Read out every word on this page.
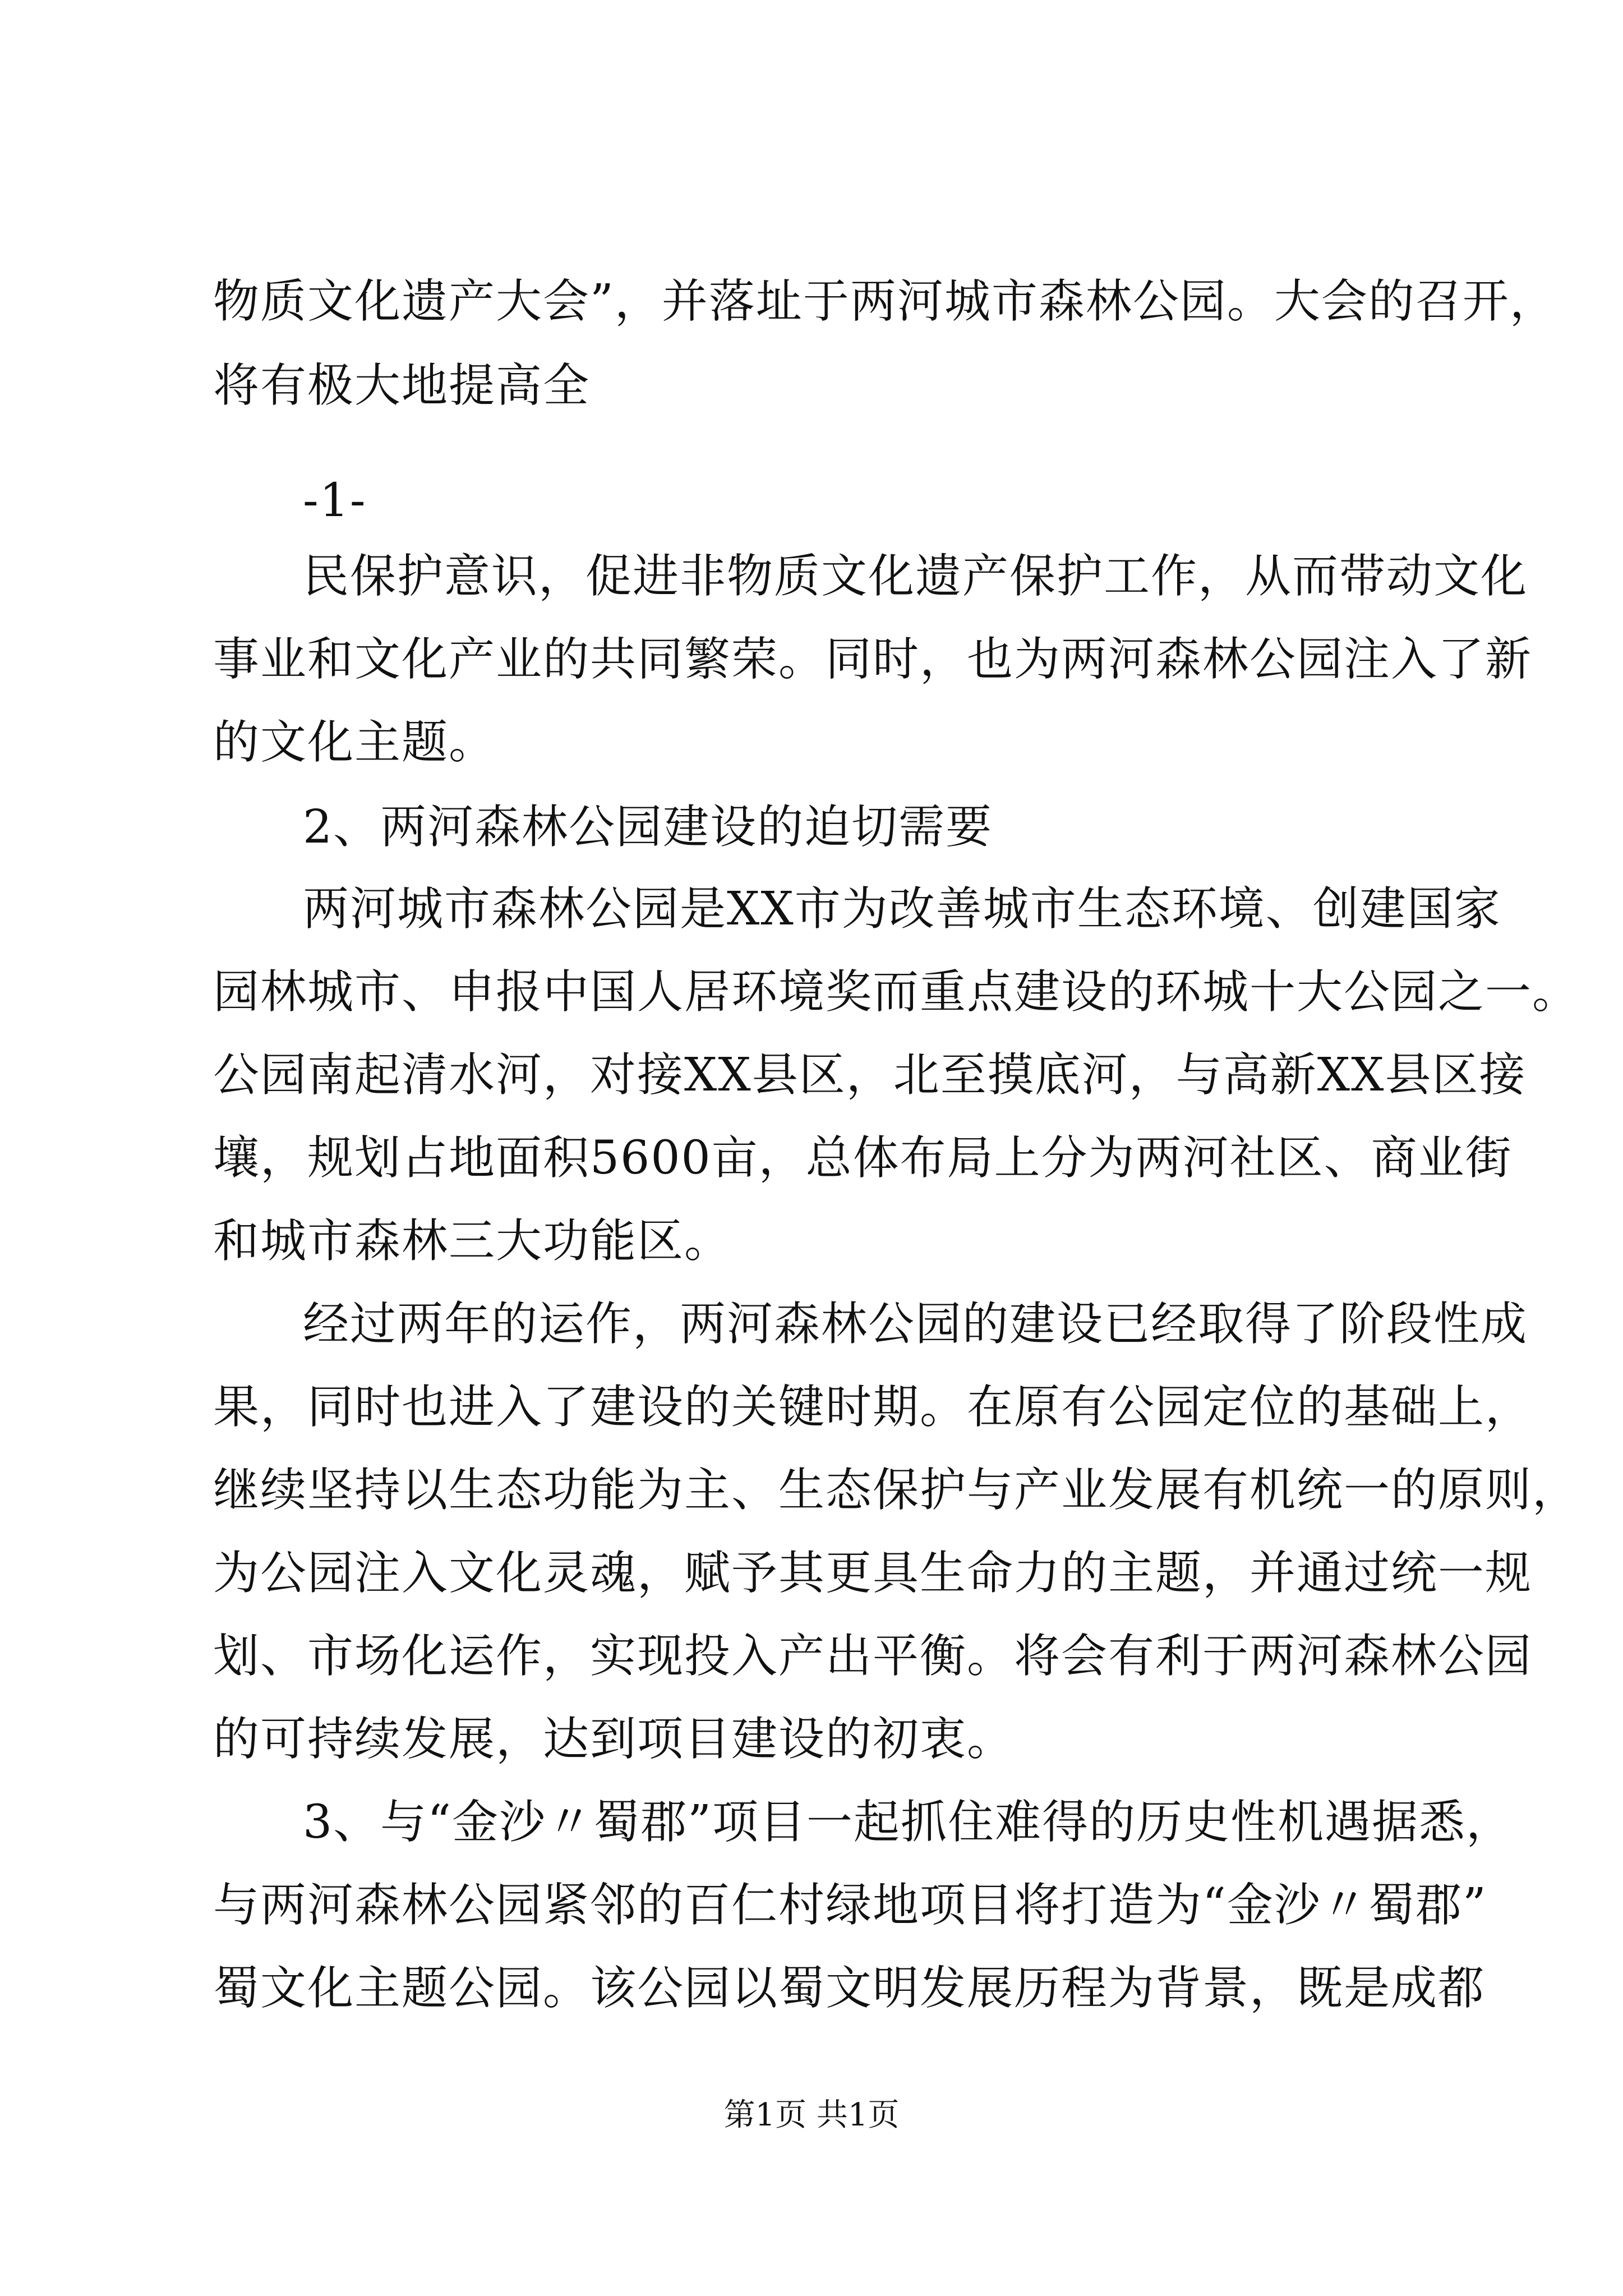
物质文化遗产大会”，并落址于两河城市森林公园。大会的召开，
将有极大地提高全
-1-
民保护意识，促进非物质文化遗产保护工作，从而带动文化
事业和文化产业的共同繁荣。同时，也为两河森林公园注入了新
的文化主题。
2、两河森林公园建设的迫切需要
两河城市森林公园是XX市为改善城市生态环境、创建国家
园林城市、申报中国人居环境奖而重点建设的环城十大公园之一。
公园南起清水河，对接XX县区，北至摸底河，与高新XX县区接
壤，规划占地面积5600亩，总体布局上分为两河社区、商业街
和城市森林三大功能区。
经过两年的运作，两河森林公园的建设已经取得了阶段性成
果，同时也进入了建设的关键时期。在原有公园定位的基础上，
继续坚持以生态功能为主、生态保护与产业发展有机统一的原则，
为公园注入文化灵魂，赋予其更具生命力的主题，并通过统一规
划、市场化运作，实现投入产出平衡。将会有利于两河森林公园
的可持续发展，达到项目建设的初衷。
3、与“金沙〃蜀郡”项目一起抓住难得的历史性机遇据悉，
与两河森林公园紧邻的百仁村绿地项目将打造为“金沙〃蜀郡”
蜀文化主题公园。该公园以蜀文明发展历程为背景，既是成都
第1页 共1页
